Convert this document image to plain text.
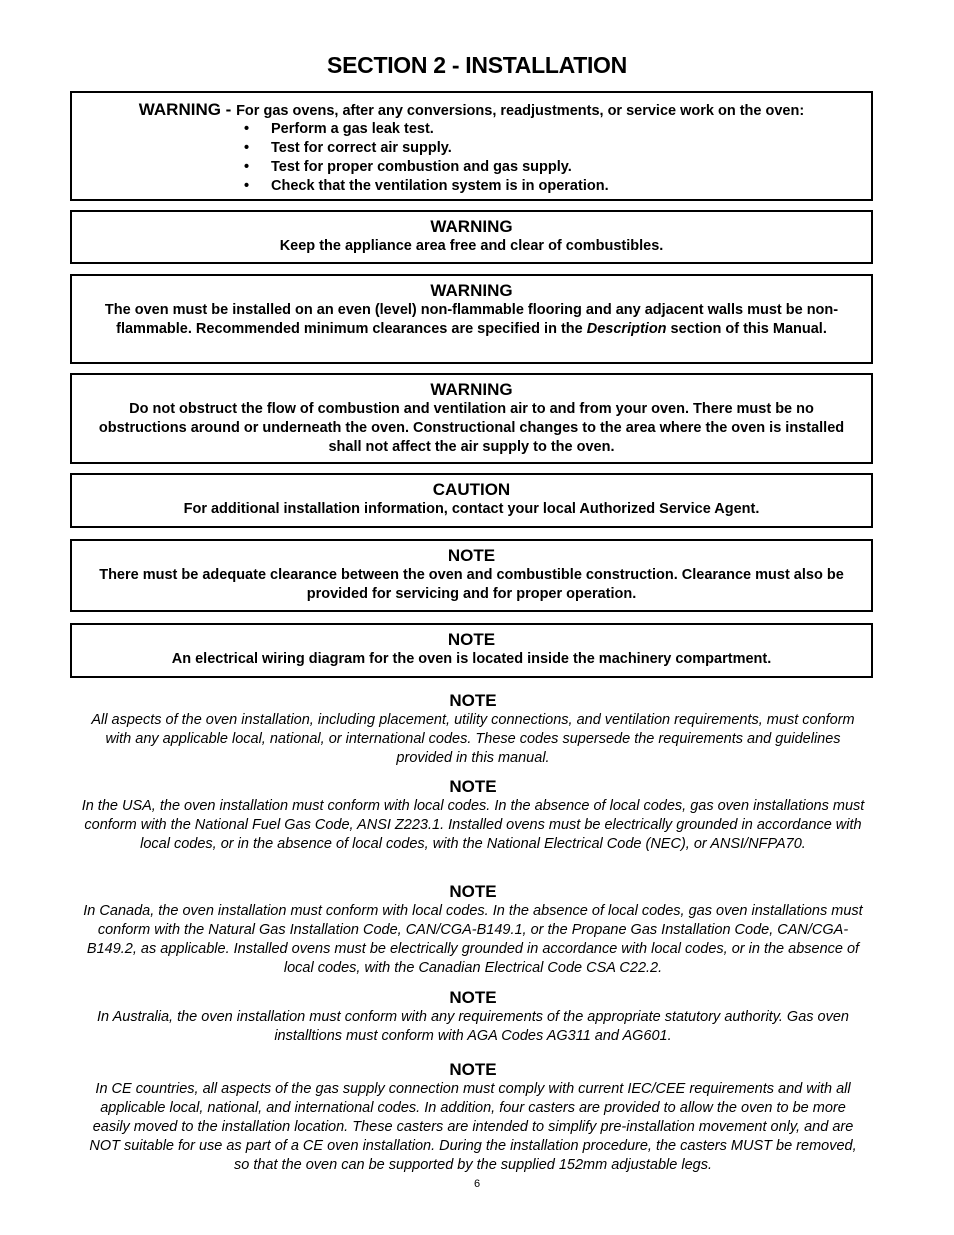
SECTION 2 - INSTALLATION
WARNING - For gas ovens, after any conversions, readjustments, or service work on the oven:
• Perform a gas leak test.
• Test for correct air supply.
• Test for proper combustion and gas supply.
• Check that the ventilation system is in operation.
WARNING
Keep the appliance area free and clear of combustibles.
WARNING
The oven must be installed on an even (level) non-flammable flooring and any adjacent walls must be non-flammable. Recommended minimum clearances are specified in the Description section of this Manual.
WARNING
Do not obstruct the flow of combustion and ventilation air to and from your oven. There must be no obstructions around or underneath the oven. Constructional changes to the area where the oven is installed shall not affect the air supply to the oven.
CAUTION
For additional installation information, contact your local Authorized Service Agent.
NOTE
There must be adequate clearance between the oven and combustible construction. Clearance must also be provided for servicing and for proper operation.
NOTE
An electrical wiring diagram for the oven is located inside the machinery compartment.
NOTE
All aspects of the oven installation, including placement, utility connections, and ventilation requirements, must conform with any applicable local, national, or international codes. These codes supersede the requirements and guidelines provided in this manual.
NOTE
In the USA, the oven installation must conform with local codes. In the absence of local codes, gas oven installations must conform with the National Fuel Gas Code, ANSI Z223.1. Installed ovens must be electrically grounded in accordance with local codes, or in the absence of local codes, with the National Electrical Code (NEC), or ANSI/NFPA70.
NOTE
In Canada, the oven installation must conform with local codes. In the absence of local codes, gas oven installations must conform with the Natural Gas Installation Code, CAN/CGA-B149.1, or the Propane Gas Installation Code, CAN/CGA-B149.2, as applicable. Installed ovens must be electrically grounded in accordance with local codes, or in the absence of local codes, with the Canadian Electrical Code CSA C22.2.
NOTE
In Australia, the oven installation must conform with any requirements of the appropriate statutory authority. Gas oven installtions must conform with AGA Codes AG311 and AG601.
NOTE
In CE countries, all aspects of the gas supply connection must comply with current IEC/CEE requirements and with all applicable local, national, and international codes. In addition, four casters are provided to allow the oven to be more easily moved to the installation location. These casters are intended to simplify pre-installation movement only, and are NOT suitable for use as part of a CE oven installation. During the installation procedure, the casters MUST be removed, so that the oven can be supported by the supplied 152mm adjustable legs.
6
